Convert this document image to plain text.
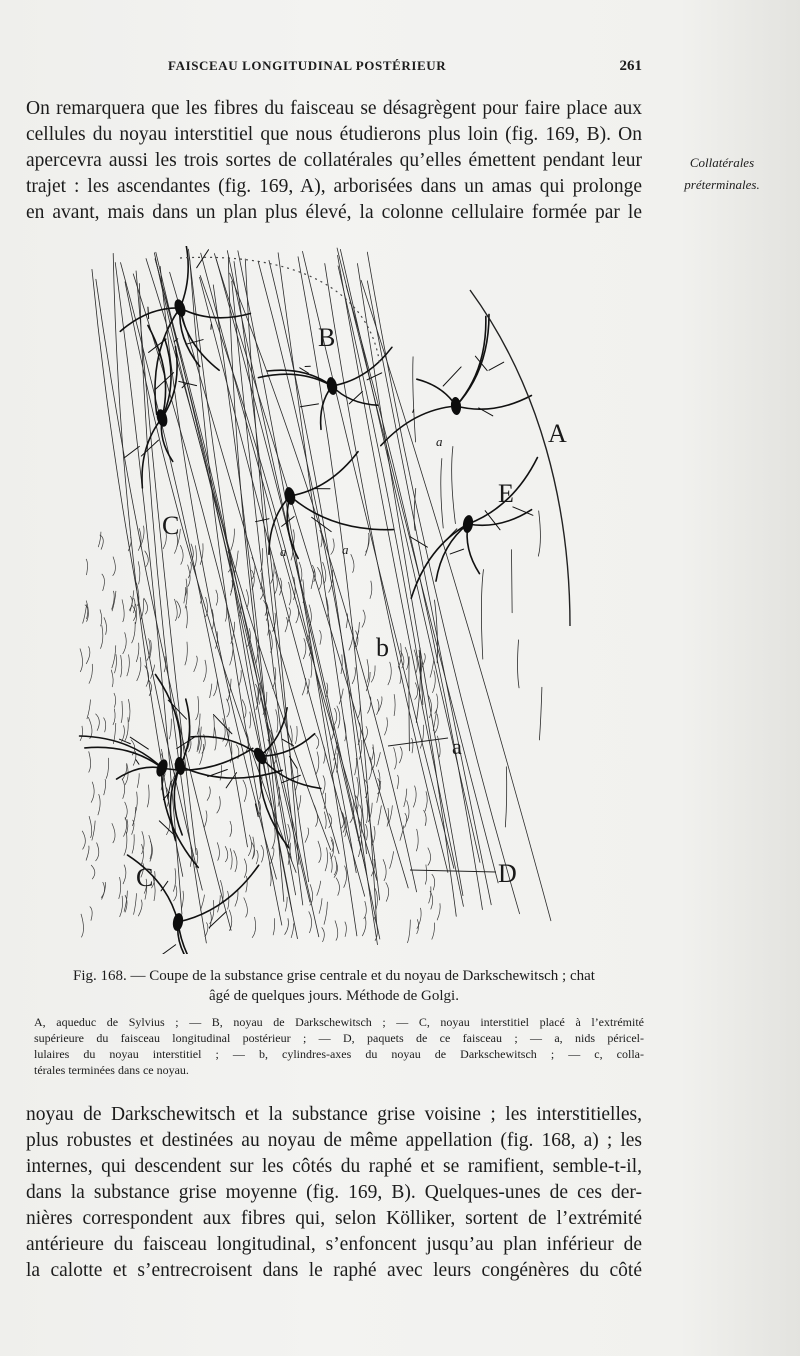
FAISCEAU LONGITUDINAL POSTÉRIEUR	261

On remarquera que les fibres du faisceau se désagrègent pour faire place aux
cellules du noyau interstitiel que nous étudierons plus loin (fig. 169, B). On
apercevra aussi les trois sortes de collatérales qu’elles émettent pendant leur
trajet : les ascendantes (fig. 169, A), arborisées dans un amas qui prolonge
en avant, mais dans un plan plus élevé, la colonne cellulaire formée par le

Collatérales
préterminales.
A
B
C
C	D
E
a
a	a
a
b
Fig. 168. — Coupe de la substance grise centrale et du noyau de Darkschewitsch ; chat
âgé de quelques jours. Méthode de Golgi.
A, aqueduc de Sylvius ; — B, noyau de Darkschewitsch ; — C, noyau interstitiel placé à l’extrémité
supérieure du faisceau longitudinal postérieur ; — D, paquets de ce faisceau ; — a, nids péricel-
lulaires du noyau interstitiel ; — b, cylindres-axes du noyau de Darkschewitsch ; — c, colla-
térales terminées dans ce noyau.

noyau de Darkschewitsch et la substance grise voisine ; les interstitielles,
plus robustes et destinées au noyau de même appellation (fig. 168, a) ; les
internes, qui descendent sur les côtés du raphé et se ramifient, semble-t-il,
dans la substance grise moyenne (fig. 169, B). Quelques-unes de ces der-
nières correspondent aux fibres qui, selon Kölliker, sortent de l’extrémité
antérieure du faisceau longitudinal, s’enfoncent jusqu’au plan inférieur de
la calotte et s’entrecroisent dans le raphé avec leurs congénères du côté
